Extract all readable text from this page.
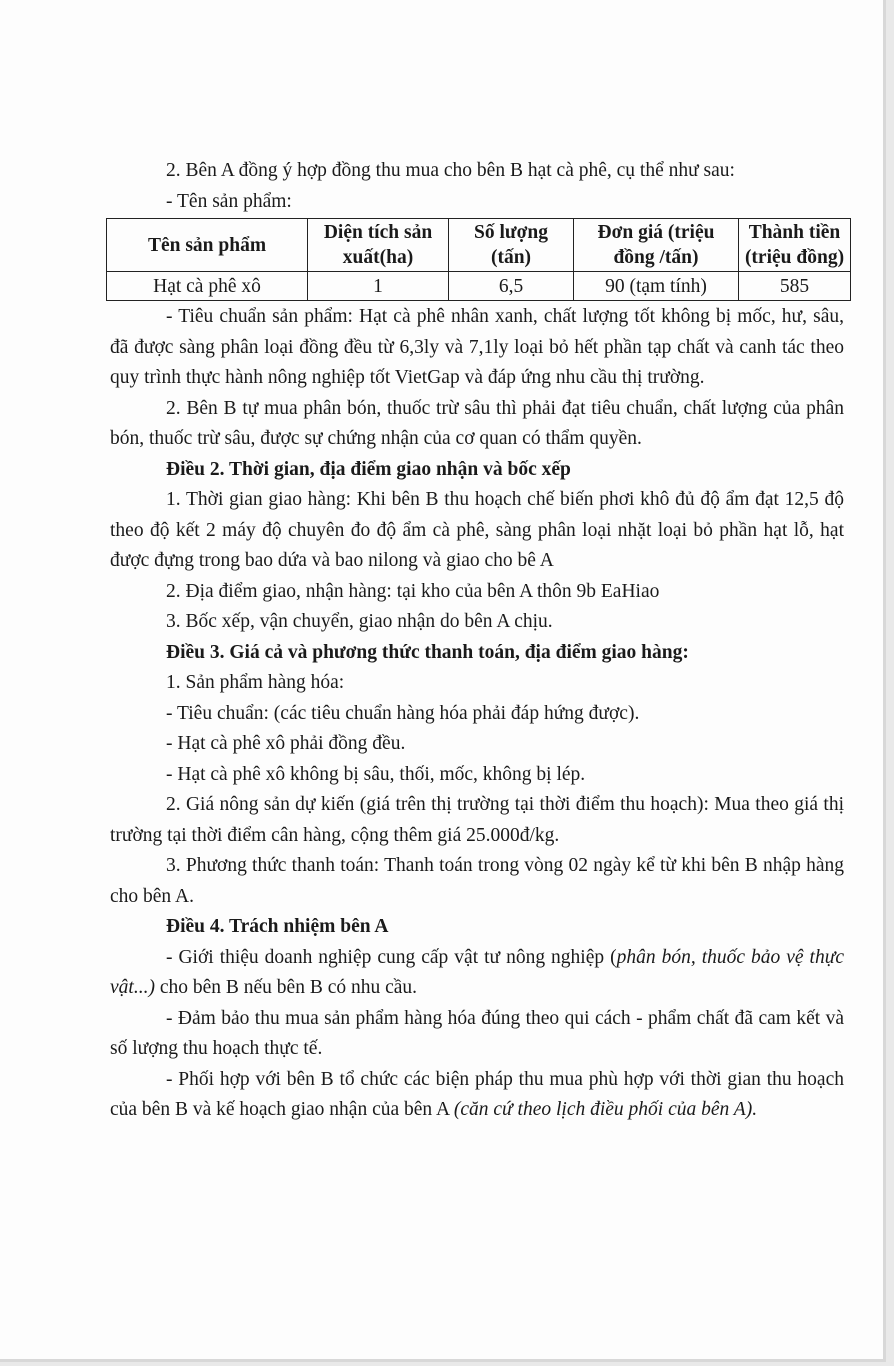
2. Bên A đồng ý hợp đồng thu mua cho bên B hạt cà phê, cụ thể như sau:

- Tên sản phẩm:

Tên sản phẩm	Diện tích sản xuất(ha)	Số lượng (tấn)	Đơn giá (triệu đồng /tấn)	Thành tiền (triệu đồng)
Hạt cà phê xô	1	6,5	90 (tạm tính)	585

- Tiêu chuẩn sản phẩm: Hạt cà phê nhân xanh, chất lượng tốt không bị mốc, hư, sâu, đã được sàng phân loại đồng đều từ 6,3ly và 7,1ly loại bỏ hết phần tạp chất và canh tác theo quy trình thực hành nông nghiệp tốt VietGap và đáp ứng nhu cầu thị trường.

2. Bên B tự mua phân bón, thuốc trừ sâu thì phải đạt tiêu chuẩn, chất lượng của phân bón, thuốc trừ sâu, được sự chứng nhận của cơ quan có thẩm quyền.

Điều 2. Thời gian, địa điểm giao nhận và bốc xếp

1. Thời gian giao hàng: Khi bên B thu hoạch chế biến phơi khô đủ độ ẩm đạt 12,5 độ theo độ kết 2 máy độ chuyên đo độ ẩm cà phê, sàng phân loại nhặt loại bỏ phần hạt lỗ, hạt được đựng trong bao dứa và bao nilong và giao cho bê A

2. Địa điểm giao, nhận hàng: tại kho của bên A thôn 9b EaHiao

3. Bốc xếp, vận chuyển, giao nhận do bên A chịu.

Điều 3. Giá cả và phương thức thanh toán, địa điểm giao hàng:

1. Sản phẩm hàng hóa:

- Tiêu chuẩn: (các tiêu chuẩn hàng hóa phải đáp hứng được).

- Hạt cà phê xô phải đồng đều.

- Hạt cà phê xô không bị sâu, thối, mốc, không bị lép.

2. Giá nông sản dự kiến (giá trên thị trường tại thời điểm thu hoạch): Mua theo giá thị trường tại thời điểm cân hàng, cộng thêm giá 25.000đ/kg.

3. Phương thức thanh toán: Thanh toán trong vòng 02 ngày kể từ khi bên B nhập hàng cho bên A.

Điều 4. Trách nhiệm bên A

- Giới thiệu doanh nghiệp cung cấp vật tư nông nghiệp (phân bón, thuốc bảo vệ thực vật...) cho bên B nếu bên B có nhu cầu.

- Đảm bảo thu mua sản phẩm hàng hóa đúng theo qui cách - phẩm chất đã cam kết và số lượng thu hoạch thực tế.

- Phối hợp với bên B tổ chức các biện pháp thu mua phù hợp với thời gian thu hoạch của bên B và kế hoạch giao nhận của bên A (căn cứ theo lịch điều phối của bên A).
